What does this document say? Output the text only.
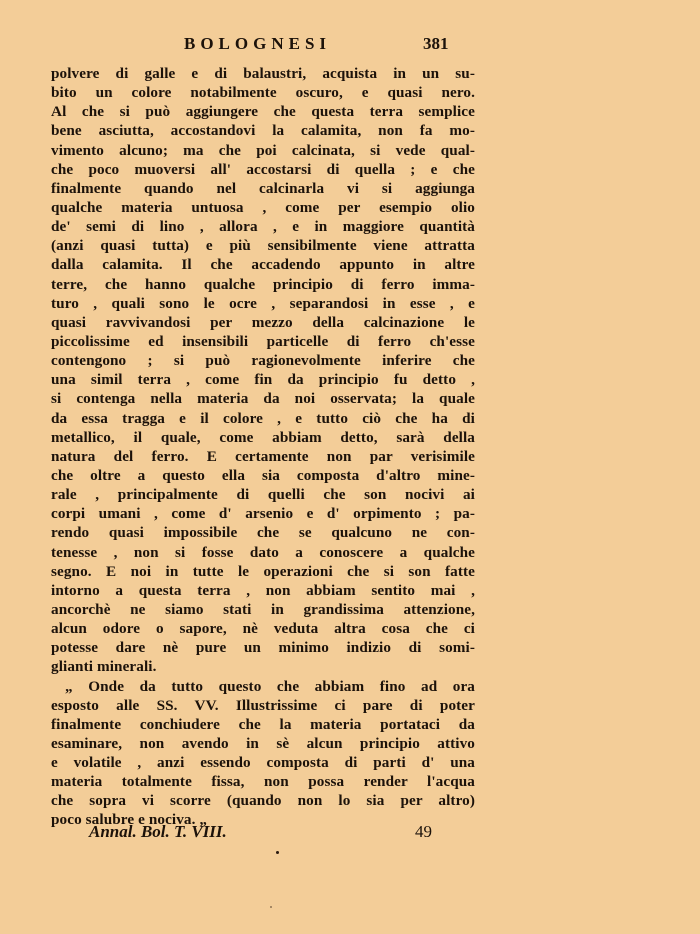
BOLOGNESI	381
polvere di galle e di balaustri, acquista in un su-
bito un colore notabilmente oscuro, e quasi nero.
Al che si può aggiungere che questa terra semplice
bene asciutta, accostandovi la calamita, non fa mo-
vimento alcuno; ma che poi calcinata, si vede qual-
che poco muoversi all' accostarsi di quella ; e che
finalmente quando nel calcinarla vi si aggiunga
qualche materia untuosa , come per esempio olio
de' semi di lino , allora , e in maggiore quantità
(anzi quasi tutta) e più sensibilmente viene attratta
dalla calamita. Il che accadendo appunto in altre
terre, che hanno qualche principio di ferro imma-
turo , quali sono le ocre , separandosi in esse , e
quasi ravvivandosi per mezzo della calcinazione le
piccolissime ed insensibili particelle di ferro ch'esse
contengono ; si può ragionevolmente inferire che
una simil terra , come fin da principio fu detto ,
si contenga nella materia da noi osservata; la quale
da essa tragga e il colore , e tutto ciò che ha di
metallico, il quale, come abbiam detto, sarà della
natura del ferro. E certamente non par verisimile
che oltre a questo ella sia composta d'altro mine-
rale , principalmente di quelli che son nocivi ai
corpi umani , come d' arsenio e d' orpimento ; pa-
rendo quasi impossibile che se qualcuno ne con-
tenesse , non si fosse dato a conoscere a qualche
segno. E noi in tutte le operazioni che si son fatte
intorno a questa terra , non abbiam sentito mai ,
ancorchè ne siamo stati in grandissima attenzione,
alcun odore o sapore, nè veduta altra cosa che ci
potesse dare nè pure un minimo indizio di somi-
glianti minerali.
„ Onde da tutto questo che abbiam fino ad ora
esposto alle SS. VV. Illustrissime ci pare di poter
finalmente conchiudere che la materia portataci da
esaminare, non avendo in sè alcun principio attivo
e volatile , anzi essendo composta di parti d' una
materia totalmente fissa, non possa render l'acqua
che sopra vi scorre (quando non lo sia per altro)
poco salubre e nociva. „
Annal. Bol. T. VIII.	49
